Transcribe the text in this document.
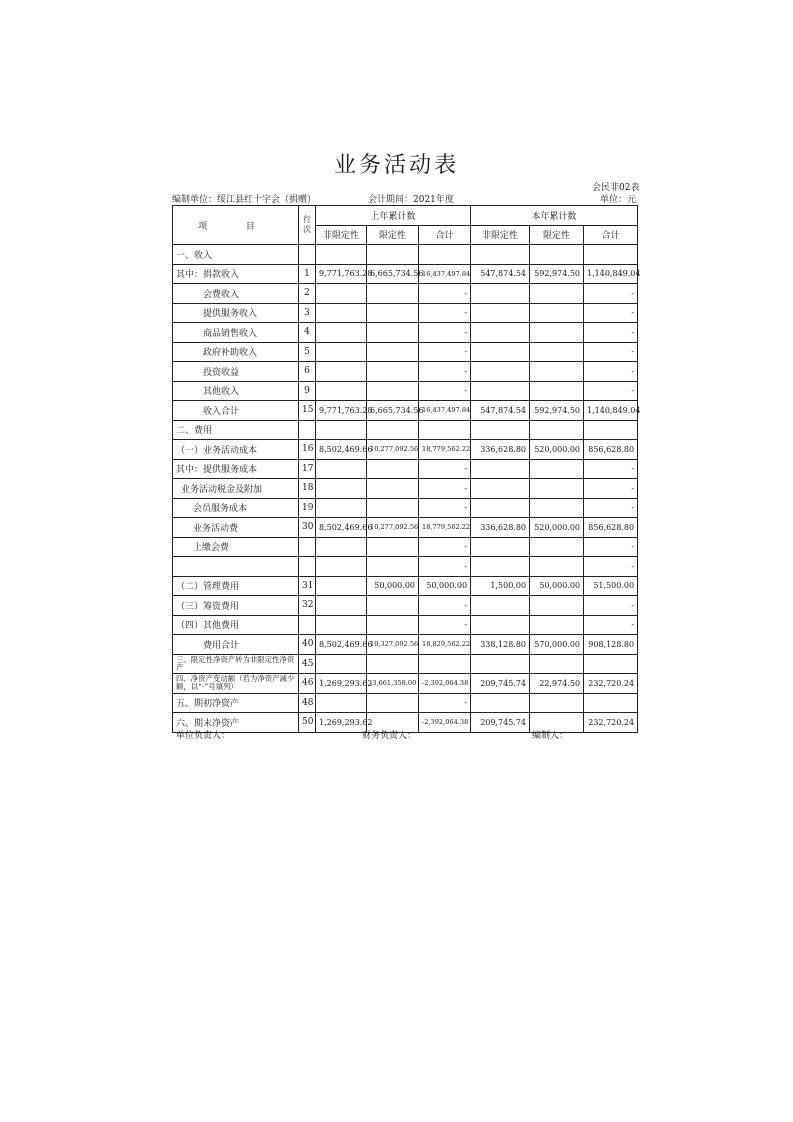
业务活动表
会民非02表
编制单位：绥江县红十字会（捐赠）	会计期间：2021年度	单位：元
项 目	行次	上年累计数			本年累计数		
		非限定性	限定性	合计	非限定性	限定性	合计
一、收入							
其中：捐款收入	1	9,771,763.28	6,665,734.56	16,437,497.84	547,874.54	592,974.50	1,140,849.04
会费收入	2			-			-
提供服务收入	3			-			-
商品销售收入	4			-			-
政府补助收入	5			-			-
投资收益	6			-			-
其他收入	9			-			-
收入合计	15	9,771,763.28	6,665,734.56	16,437,497.84	547,874.54	592,974.50	1,140,849.04
二、费用							
（一）业务活动成本	16	8,502,469.66	10,277,092.56	18,779,562.22	336,628.80	520,000.00	856,628.80
其中：提供服务成本	17			-			-
业务活动税金及附加	18			-			-
会员服务成本	19			-			-
业务活动费	30	8,502,469.66	10,277,092.56	18,779,562.22	336,628.80	520,000.00	856,628.80
上缴会费				-			-
				-			-
（二）管理费用	31		50,000.00	50,000.00	1,500.00	50,000.00	51,500.00
（三）筹资费用	32			-			-
（四）其他费用				-			-
费用合计	40	8,502,469.66	10,327,092.56	18,829,562.22	338,128.80	570,000.00	908,128.80
三、限定性净资产转为非限定性净资产	45						
四、净资产变动额（若为净资产减少额，以“-”号填列）	46	1,269,293.62	-3,661,358.00	-2,392,064.38	209,745.74	22,974.50	232,720.24
五、期初净资产	48			-			
六、期末净资产	50	1,269,293.62		-2,392,064.38	209,745.74		232,720.24
单位负责人：	财务负责人：	编制人：
